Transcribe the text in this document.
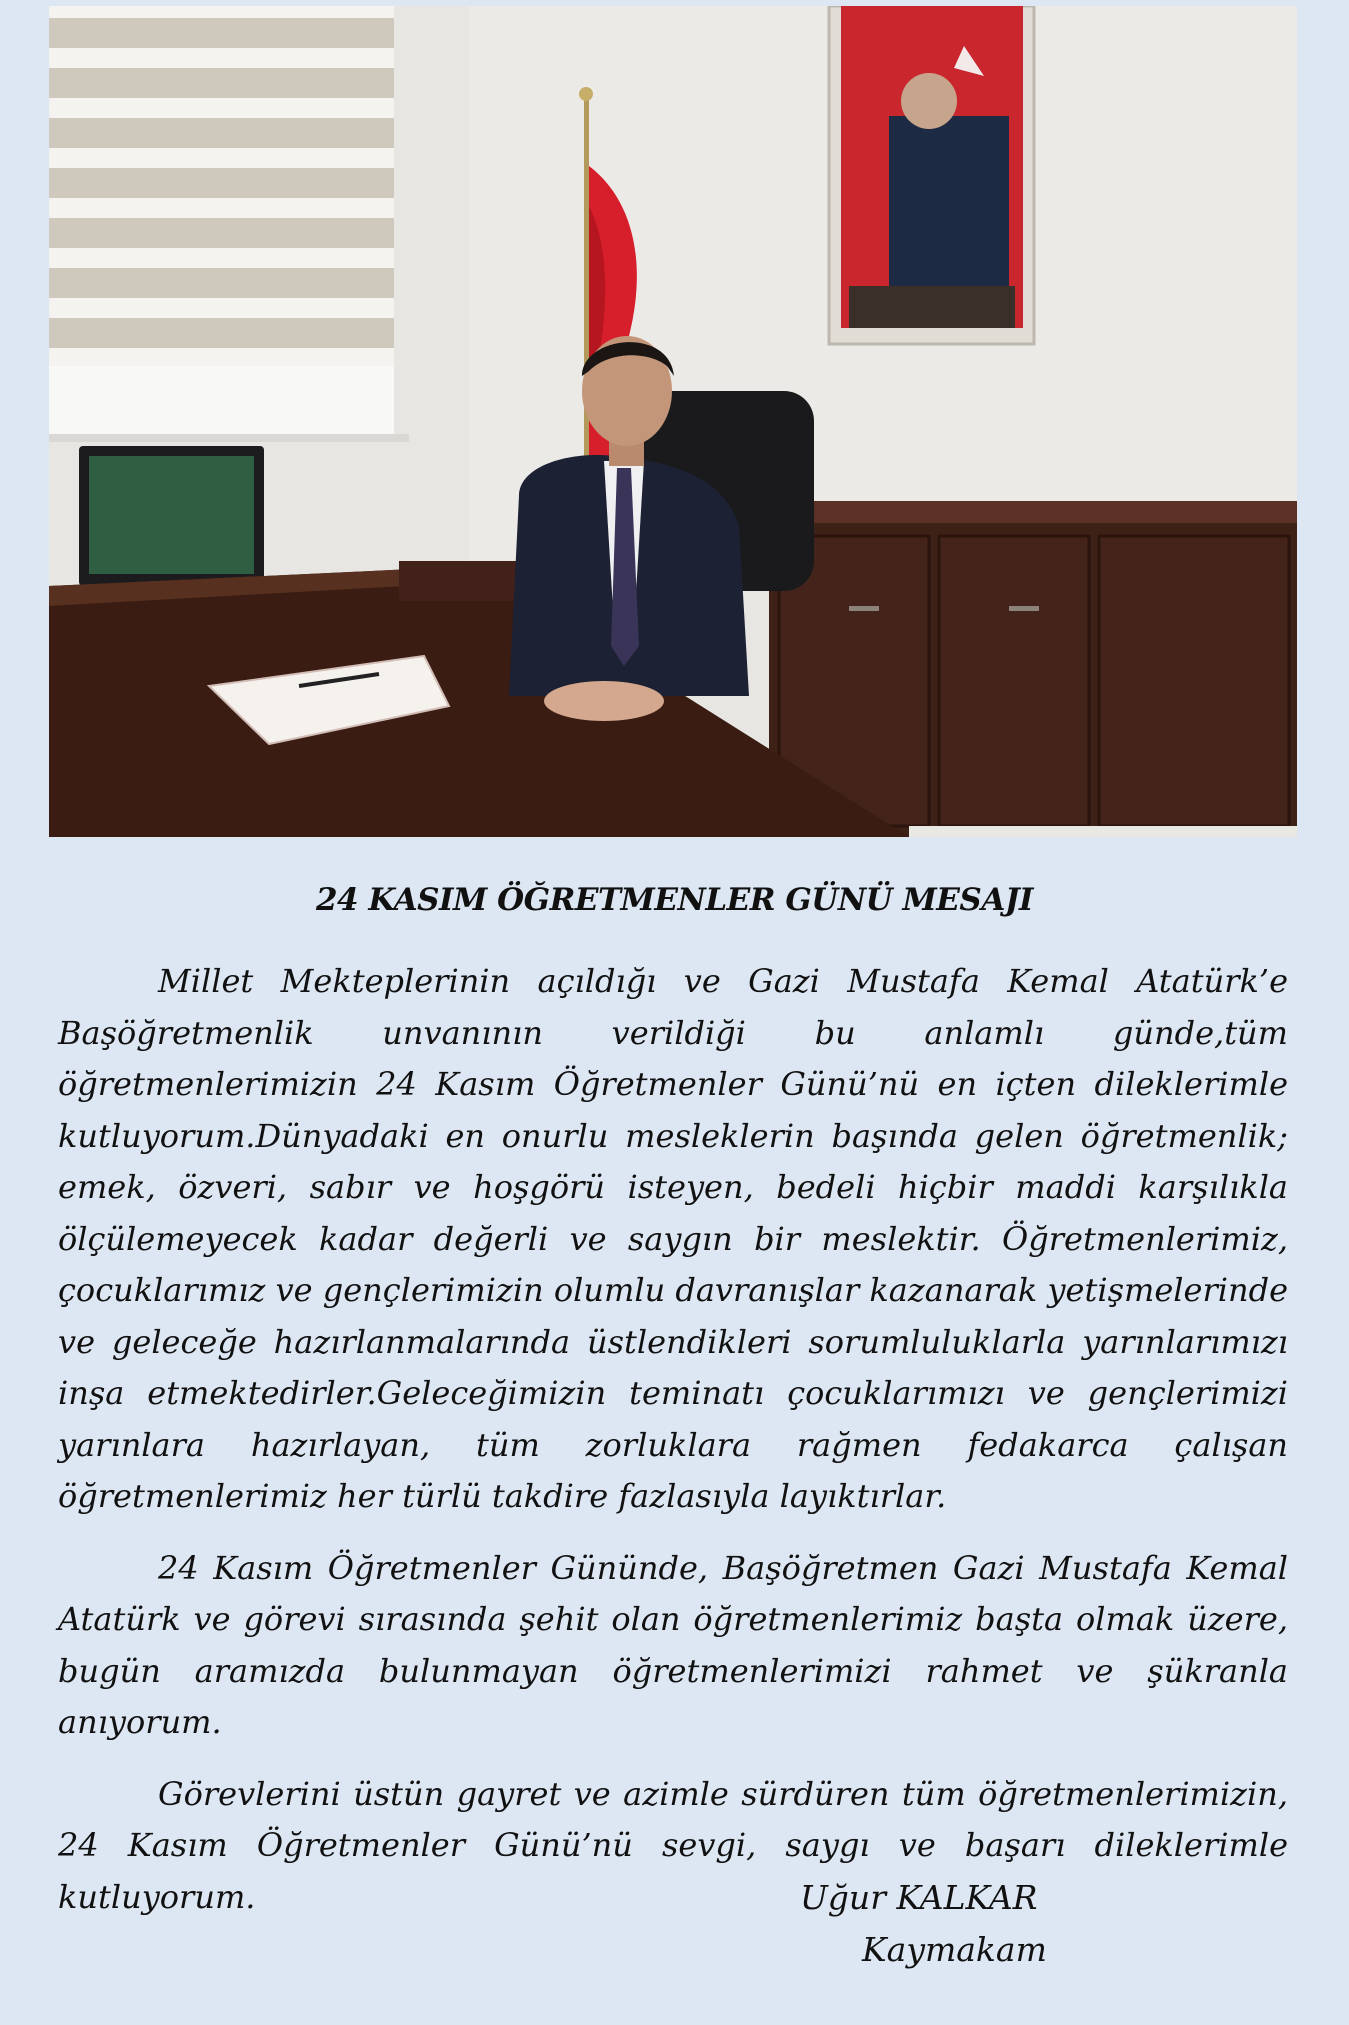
24 KASIM ÖĞRETMENLER GÜNÜ MESAJI

Millet Mekteplerinin açıldığı ve Gazi Mustafa Kemal Atatürk’e Başöğretmenlik unvanının verildiği bu anlamlı günde,tüm öğretmenlerimizin 24 Kasım Öğretmenler Günü’nü en içten dileklerimle kutluyorum.Dünyadaki en onurlu mesleklerin başında gelen öğretmenlik; emek, özveri, sabır ve hoşgörü isteyen, bedeli hiçbir maddi karşılıkla ölçülemeyecek kadar değerli ve saygın bir meslektir. Öğretmenlerimiz, çocuklarımız ve gençlerimizin olumlu davranışlar kazanarak yetişmelerinde ve geleceğe hazırlanmalarında üstlendikleri sorumluluklarla yarınlarımızı inşa etmektedirler.Geleceğimizin teminatı çocuklarımızı ve gençlerimizi yarınlara hazırlayan, tüm zorluklara rağmen fedakarca çalışan öğretmenlerimiz her türlü takdire fazlasıyla layıktırlar.

24 Kasım Öğretmenler Gününde, Başöğretmen Gazi Mustafa Kemal Atatürk ve görevi sırasında şehit olan öğretmenlerimiz başta olmak üzere, bugün aramızda bulunmayan öğretmenlerimizi rahmet ve şükranla anıyorum.

Görevlerini üstün gayret ve azimle sürdüren tüm öğretmenlerimizin, 24 Kasım Öğretmenler Günü’nü sevgi, saygı ve başarı dileklerimle kutluyorum.	Uğur KALKAR
Kaymakam
